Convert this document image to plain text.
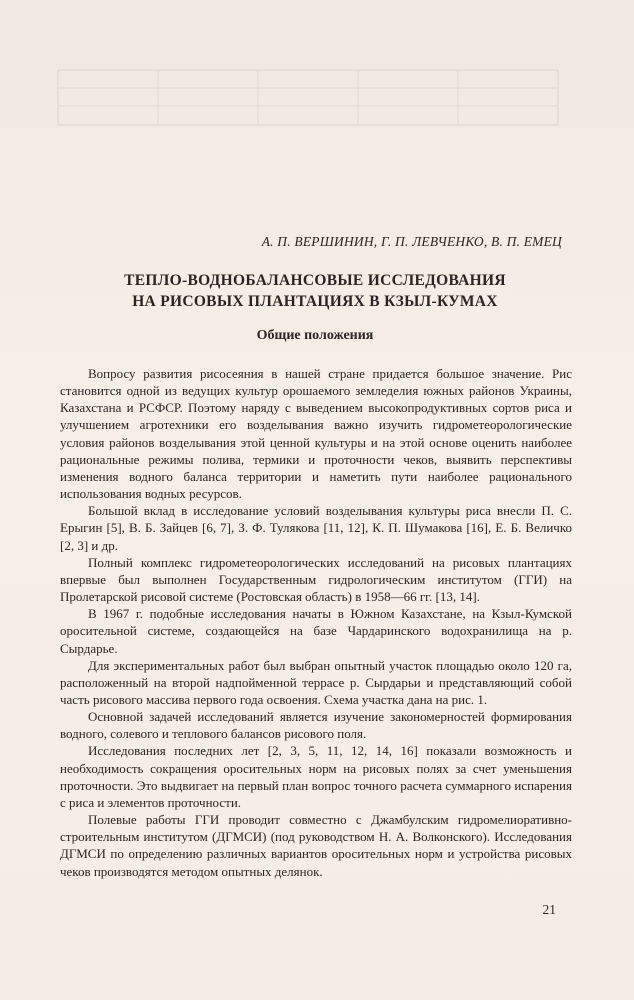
А. П. ВЕРШИНИН, Г. П. ЛЕВЧЕНКО, В. П. ЕМЕЦ
ТЕПЛО-ВОДНОБАЛАНСОВЫЕ ИССЛЕДОВАНИЯ
НА РИСОВЫХ ПЛАНТАЦИЯХ В КЗЫЛ-КУМАХ
Общие положения

Вопросу развития рисосеяния в нашей стране придается большое значение. Рис становится одной из ведущих культур орошаемого земледелия южных районов Украины, Казахстана и РСФСР. Поэтому наряду с выведением высокопродуктивных сортов риса и улучшением агротехники его возделывания важно изучить гидрометеорологические условия районов возделывания этой ценной культуры и на этой основе оценить наиболее рациональные режимы полива, термики и проточности чеков, выявить перспективы изменения водного баланса территории и наметить пути наиболее рационального использования водных ресурсов.

Большой вклад в исследование условий возделывания культуры риса внесли П. С. Ерыгин [5], В. Б. Зайцев [6, 7], З. Ф. Тулякова [11, 12], К. П. Шумакова [16], Е. Б. Величко [2, 3] и др.

Полный комплекс гидрометеорологических исследований на рисовых плантациях впервые был выполнен Государственным гидрологическим институтом (ГГИ) на Пролетарской рисовой системе (Ростовская область) в 1958—66 гг. [13, 14].

В 1967 г. подобные исследования начаты в Южном Казахстане, на Кзыл-Кумской оросительной системе, создающейся на базе Чардаринского водохранилища на р. Сырдарье.

Для экспериментальных работ был выбран опытный участок площадью около 120 га, расположенный на второй надпойменной террасе р. Сырдарьи и представляющий собой часть рисового массива первого года освоения. Схема участка дана на рис. 1.

Основной задачей исследований является изучение закономерностей формирования водного, солевого и теплового балансов рисового поля.

Исследования последних лет [2, 3, 5, 11, 12, 14, 16] показали возможность и необходимость сокращения оросительных норм на рисовых полях за счет уменьшения проточности. Это выдвигает на первый план вопрос точного расчета суммарного испарения с риса и элементов проточности.

Полевые работы ГГИ проводит совместно с Джамбулским гидромелиоративно-строительным институтом (ДГМСИ) (под руководством Н. А. Волконского). Исследования ДГМСИ по определению различных вариантов оросительных норм и устройства рисовых чеков производятся методом опытных делянок.

21
